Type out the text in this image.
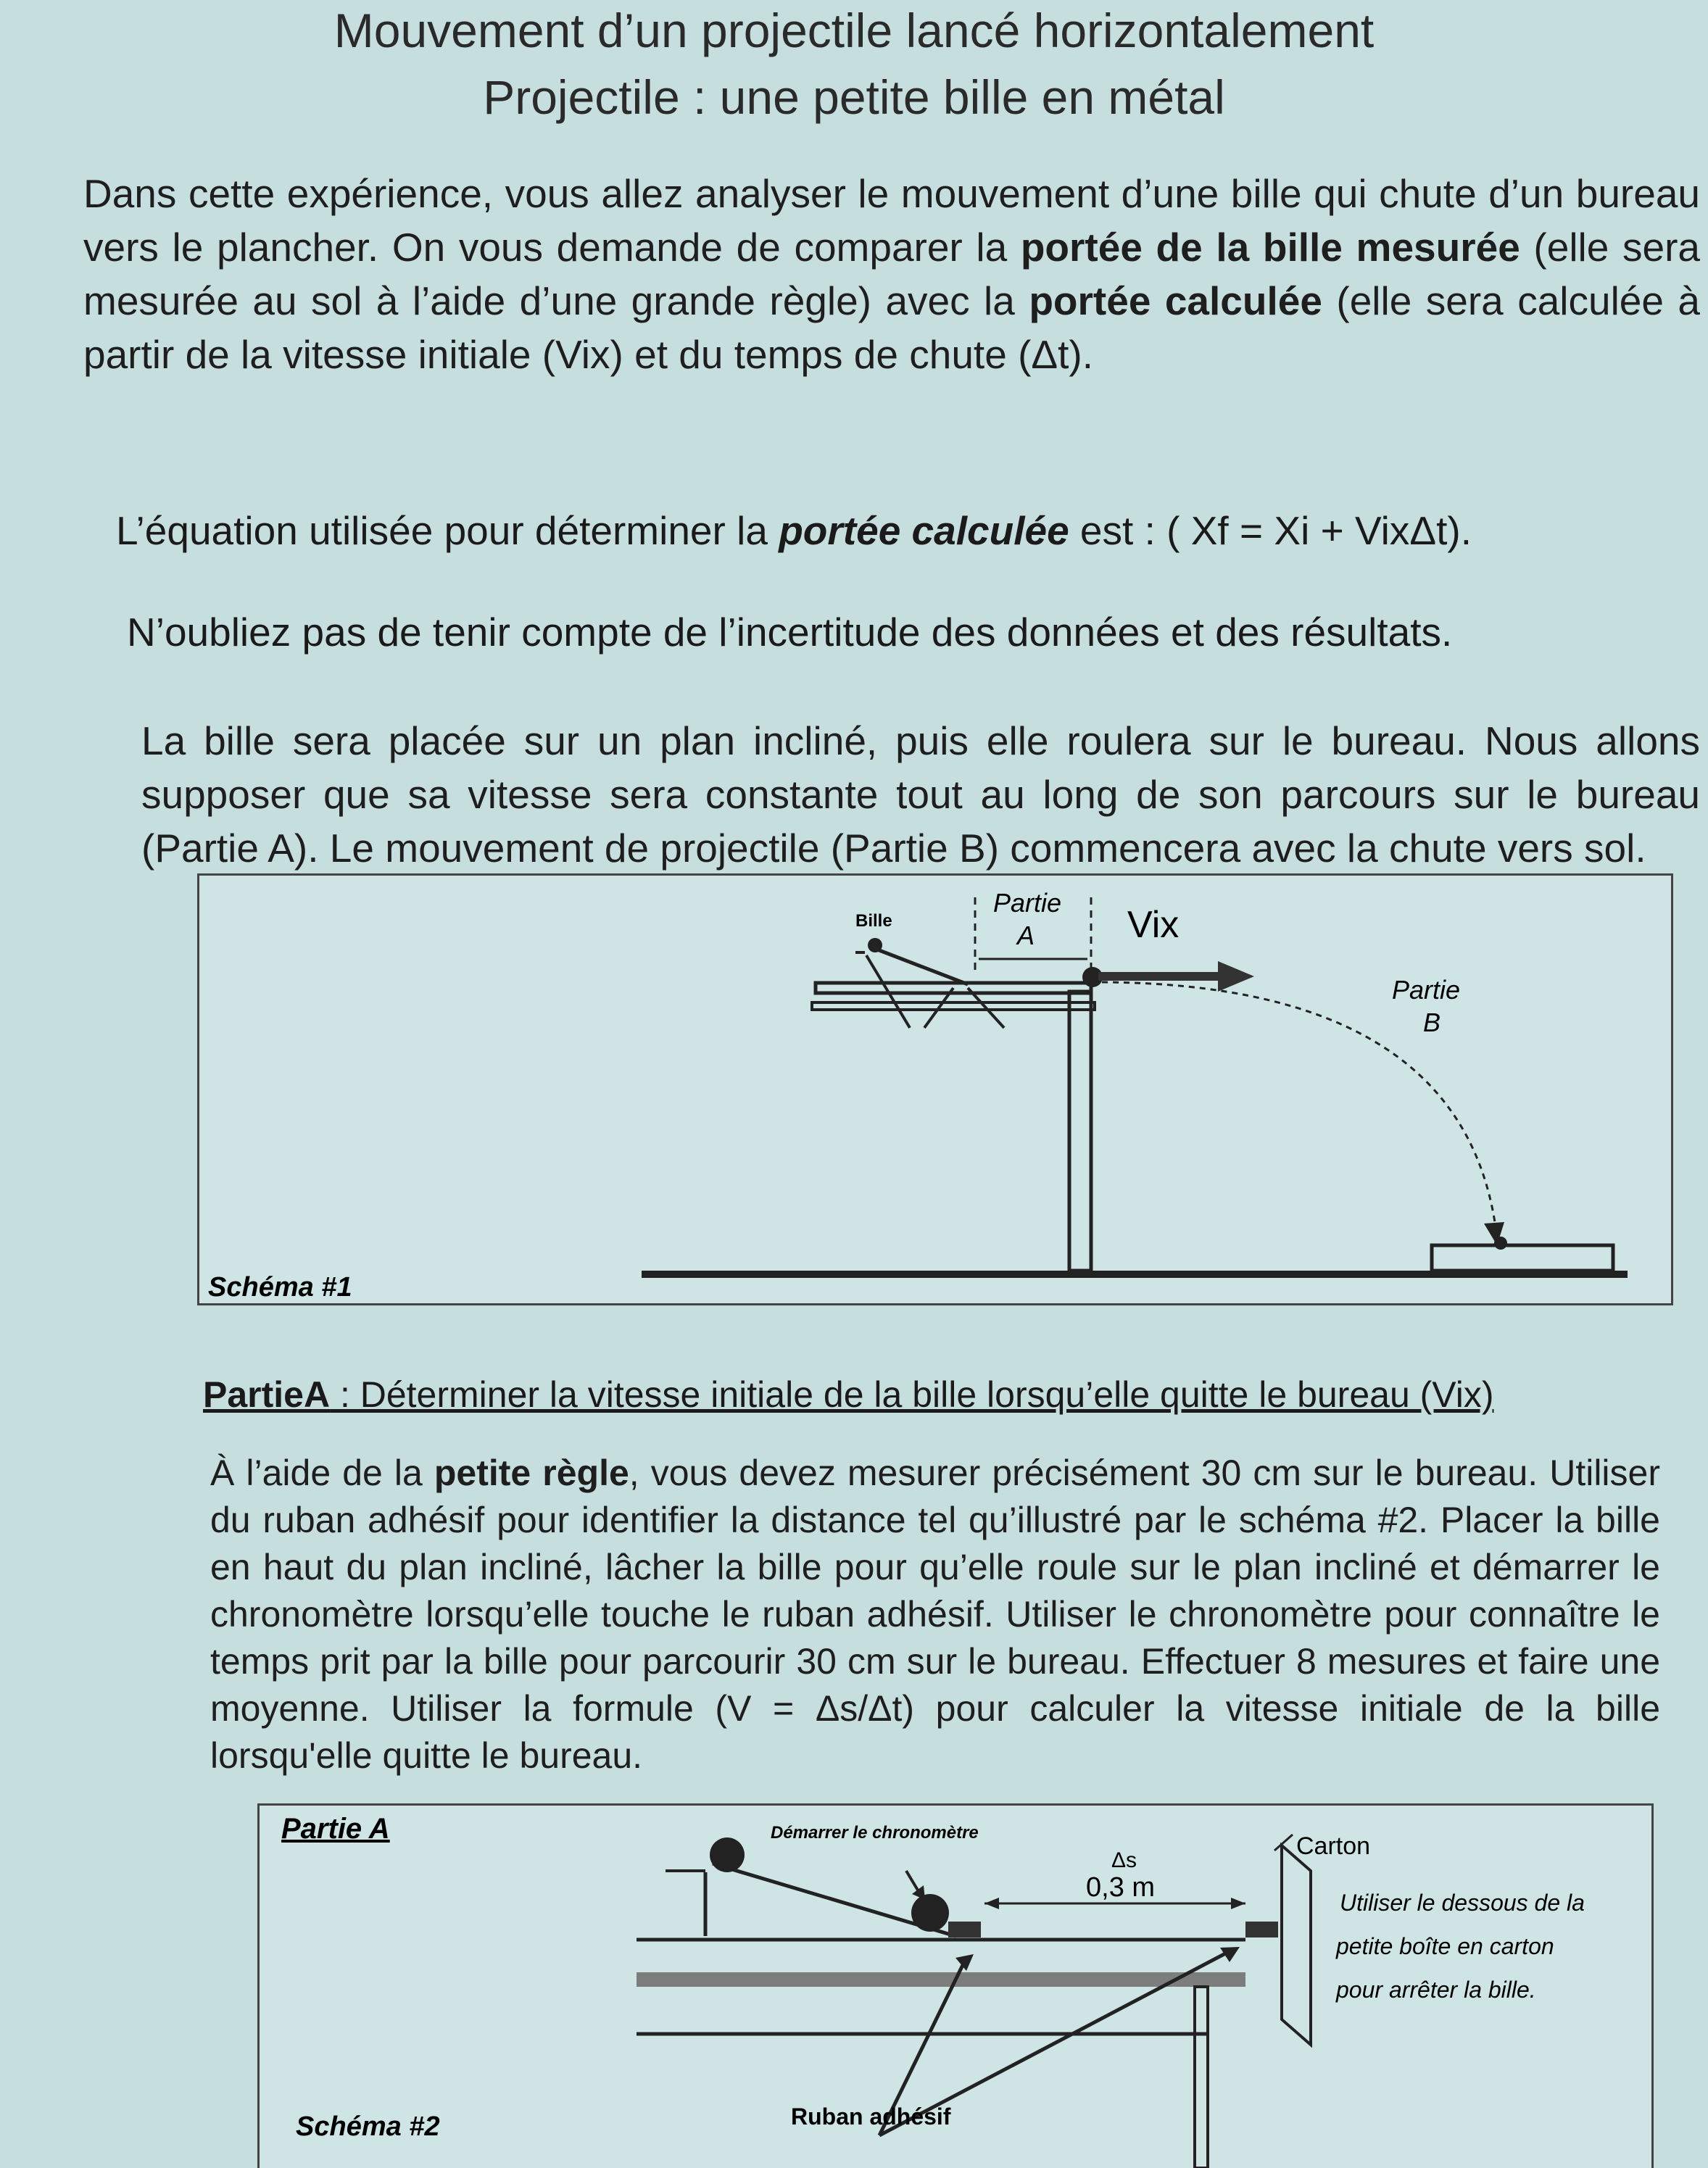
Mouvement d’un projectile lancé horizontalement
Projectile : une petite bille en métal
Dans cette expérience, vous allez analyser le mouvement d’une bille qui chute d’un bureau vers le plancher. On vous demande de comparer la portée de la bille mesurée (elle sera mesurée au sol à l’aide d’une grande règle) avec la portée calculée (elle sera calculée à partir de la vitesse initiale (Vix) et du temps de chute (Δt).
L’équation utilisée pour déterminer la portée calculée est : ( Xf = Xi + VixΔt).
N’oubliez pas de tenir compte de l’incertitude des données et des résultats.
La bille sera placée sur un plan incliné, puis elle roulera sur le bureau. Nous allons supposer que sa vitesse sera constante tout au long de son parcours sur le bureau (Partie A). Le mouvement de projectile (Partie B) commencera avec la chute vers sol.
Bille
Partie
A Vix
Partie
B
Schéma #1
PartieA : Déterminer la vitesse initiale de la bille lorsqu’elle quitte le bureau (Vix)
À l’aide de la petite règle, vous devez mesurer précisément 30 cm sur le bureau. Utiliser du ruban adhésif pour identifier la distance tel qu’illustré par le schéma #2. Placer la bille en haut du plan incliné, lâcher la bille pour qu’elle roule sur le plan incliné et démarrer le chronomètre lorsqu’elle touche le ruban adhésif. Utiliser le chronomètre pour connaître le temps prit par la bille pour parcourir 30 cm sur le bureau. Effectuer 8 mesures et faire une moyenne. Utiliser la formule (V = Δs/Δt) pour calculer la vitesse initiale de la bille lorsqu'elle quitte le bureau.
Partie A	Démarrer le chronomètre
Δs
0,3 m
Carton
Utiliser le dessous de la
petite boîte en carton
pour arrêter la bille.
Ruban adhésif
Schéma #2
